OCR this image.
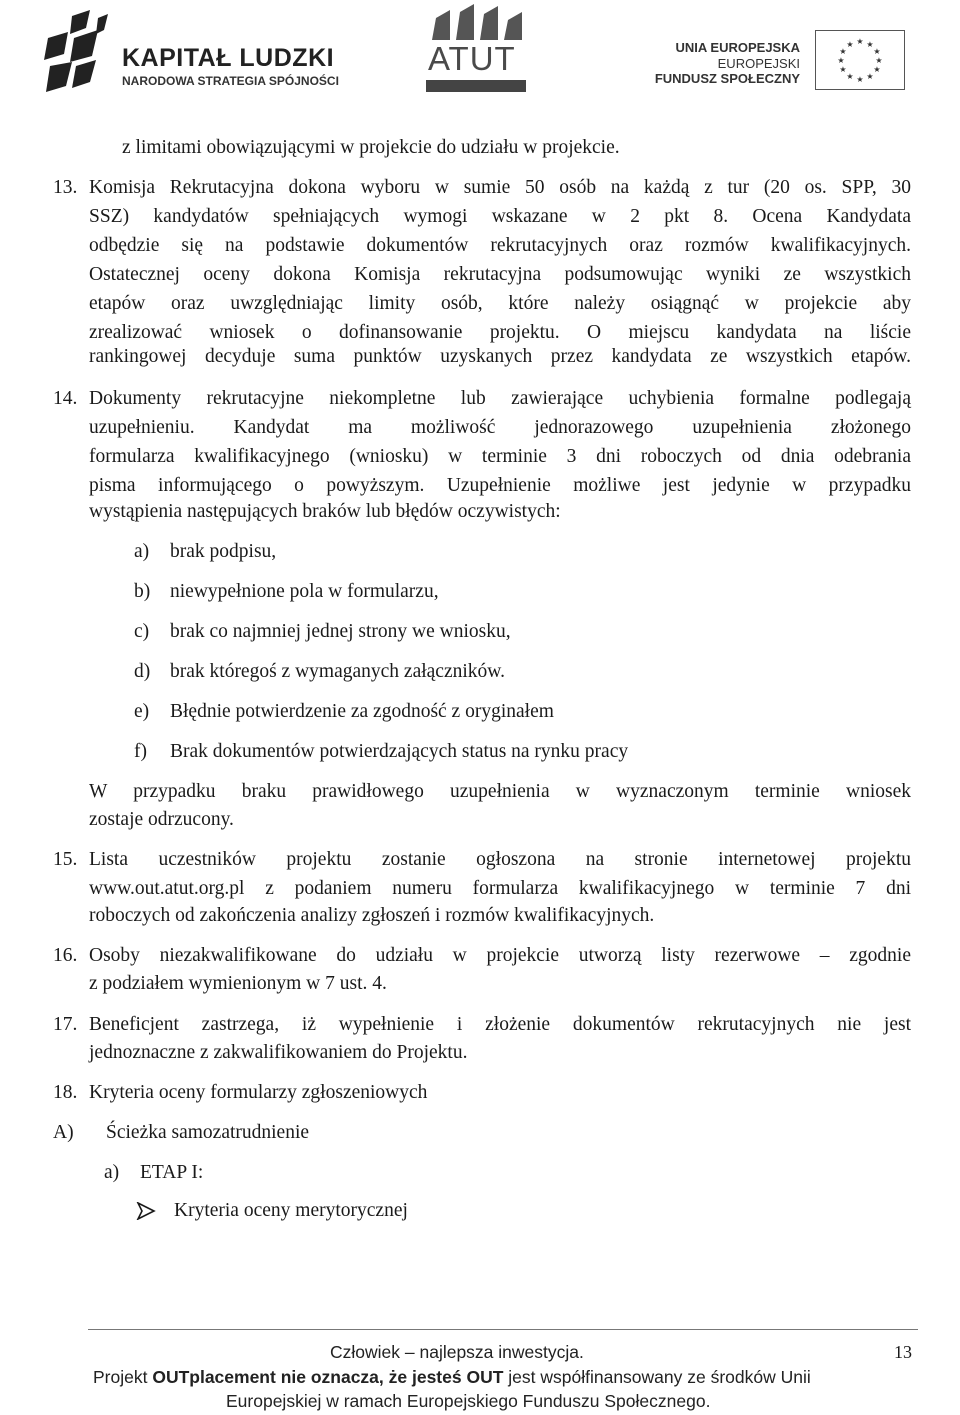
KAPITAŁ LUDZKI
NARODOWA STRATEGIA SPÓJNOŚCI
ATUT	UNIA EUROPEJSKA
EUROPEJSKI
FUNDUSZ SPOŁECZNY
★ ★
★
★
★
★
★
★
★
★
★
★
z limitami obowiązującymi w projekcie do udziału w projekcie.
13. Komisja Rekrutacyjna dokona wyboru w sumie 50 osób na każdą z tur (20 os. SPP, 30
SSZ) kandydatów spełniających wymogi wskazane w 2 pkt 8. Ocena Kandydata
odbędzie się na podstawie dokumentów rekrutacyjnych oraz rozmów kwalifikacyjnych.
Ostatecznej oceny dokona Komisja rekrutacyjna podsumowując wyniki ze wszystkich
etapów oraz uwzględniając limity osób, które należy osiągnąć w projekcie aby
zrealizować wniosek o dofinansowanie projektu. O miejscu kandydata na liście
rankingowej decyduje suma punktów uzyskanych przez kandydata ze wszystkich etapów.
14. Dokumenty rekrutacyjne niekompletne lub zawierające uchybienia formalne podlegają
uzupełnieniu. Kandydat ma możliwość jednorazowego uzupełnienia złożonego
formularza kwalifikacyjnego (wniosku) w terminie 3 dni roboczych od dnia odebrania
pisma informującego o powyższym. Uzupełnienie możliwe jest jedynie w przypadku
wystąpienia następujących braków lub błędów oczywistych:
a) brak podpisu,
b) niewypełnione pola w formularzu,
c) brak co najmniej jednej strony we wniosku,
d) brak któregoś z wymaganych załączników.
e) Błędnie potwierdzenie za zgodność z oryginałem
f) Brak dokumentów potwierdzających status na rynku pracy
W przypadku braku prawidłowego uzupełnienia w wyznaczonym terminie wniosek
zostaje odrzucony.
15. Lista uczestników projektu zostanie ogłoszona na stronie internetowej projektu
www.out.atut.org.pl z podaniem numeru formularza kwalifikacyjnego w terminie 7 dni
roboczych od zakończenia analizy zgłoszeń i rozmów kwalifikacyjnych.
16. Osoby niezakwalifikowane do udziału w projekcie utworzą listy rezerwowe – zgodnie
z podziałem wymienionym w 7 ust. 4.
17. Beneficjent zastrzega, iż wypełnienie i złożenie dokumentów rekrutacyjnych nie jest
jednoznaczne z zakwalifikowaniem do Projektu.
18. Kryteria oceny formularzy zgłoszeniowych
A) Ścieżka samozatrudnienie
a) ETAP I:
Kryteria oceny merytorycznej
Człowiek – najlepsza inwestycja.	13
Projekt OUTplacement nie oznacza, że jesteś OUT jest współfinansowany ze środków Unii
Europejskiej w ramach Europejskiego Funduszu Społecznego.
